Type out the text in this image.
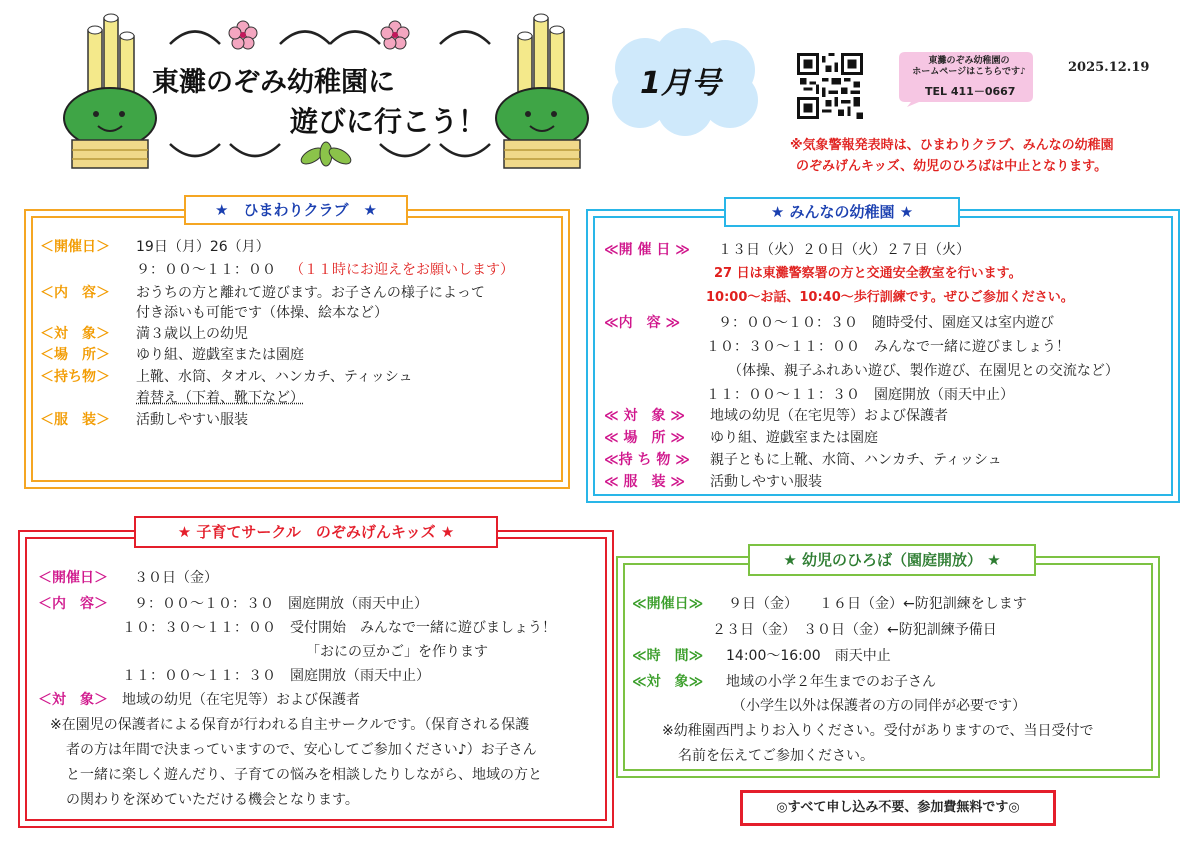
東灘のぞみ幼稚園に
遊びに行こう！
1月号
東灘のぞみ幼稚園の
ホームページはこちらです♪
TEL 411－0667
2025.12.19
※気象警報発表時は、ひまわりクラブ、みんなの幼稚園
のぞみげんキッズ、幼児のひろばは中止となります。
★　ひまわりクラブ　★
＜開催日＞ 19日（月）26（月）
９：００～１１：００ （１１時にお迎えをお願いします）
＜内　容＞ おうちの方と離れて遊びます。お子さんの様子によって
付き添いも可能です（体操、絵本など）
＜対　象＞ 満３歳以上の幼児
＜場　所＞ ゆり組、遊戯室または園庭
＜持ち物＞ 上靴、水筒、タオル、ハンカチ、ティッシュ
着替え（下着、靴下など）
＜服　装＞ 活動しやすい服装
★ みんなの幼稚園 ★
≪開 催 日 ≫ １３日（火）２０日（火）２７日（火）
27 日は東灘警察署の方と交通安全教室を行います。
10:00～お話、10:40～歩行訓練です。ぜひご参加ください。
≪内　容 ≫	９：００～１０：３０　随時受付、園庭又は室内遊び
１０：３０～１１：００　みんなで一緒に遊びましょう！
（体操、親子ふれあい遊び、製作遊び、在園児との交流など）
１１：００～１１：３０　園庭開放（雨天中止）
≪ 対　象 ≫ 地域の幼児（在宅児等）および保護者
≪ 場　所 ≫ ゆり組、遊戯室または園庭
≪持 ち 物 ≫ 親子ともに上靴、水筒、ハンカチ、ティッシュ
≪ 服　装 ≫ 活動しやすい服装
★ 子育てサークル　のぞみげんキッズ ★
＜開催日＞ ３０日（金）
＜内　容＞ ９：００～１０：３０　園庭開放（雨天中止）
１０：３０～１１：００　受付開始　みんなで一緒に遊びましょう！
「おにの豆かご」を作ります
１１：００～１１：３０　園庭開放（雨天中止）
＜対　象＞ 地域の幼児（在宅児等）および保護者
※在園児の保護者による保育が行われる自主サークルです。（保育される保護
者の方は年間で決まっていますので、安心してご参加ください♪）お子さん
と一緒に楽しく遊んだり、子育ての悩みを相談したりしながら、地域の方と
の関わりを深めていただける機会となります。
★ 幼児のひろば（園庭開放） ★
≪開催日≫ ９日（金）　　１６日（金）←防犯訓練をします
２３日（金）　３０日（金）←防犯訓練予備日
≪時　間≫ 14:00～16:00　雨天中止
≪対　象≫ 地域の小学２年生までのお子さん
（小学生以外は保護者の方の同伴が必要です）
※幼稚園西門よりお入りください。受付がありますので、当日受付で
名前を伝えてご参加ください。
◎すべて申し込み不要、参加費無料です◎
